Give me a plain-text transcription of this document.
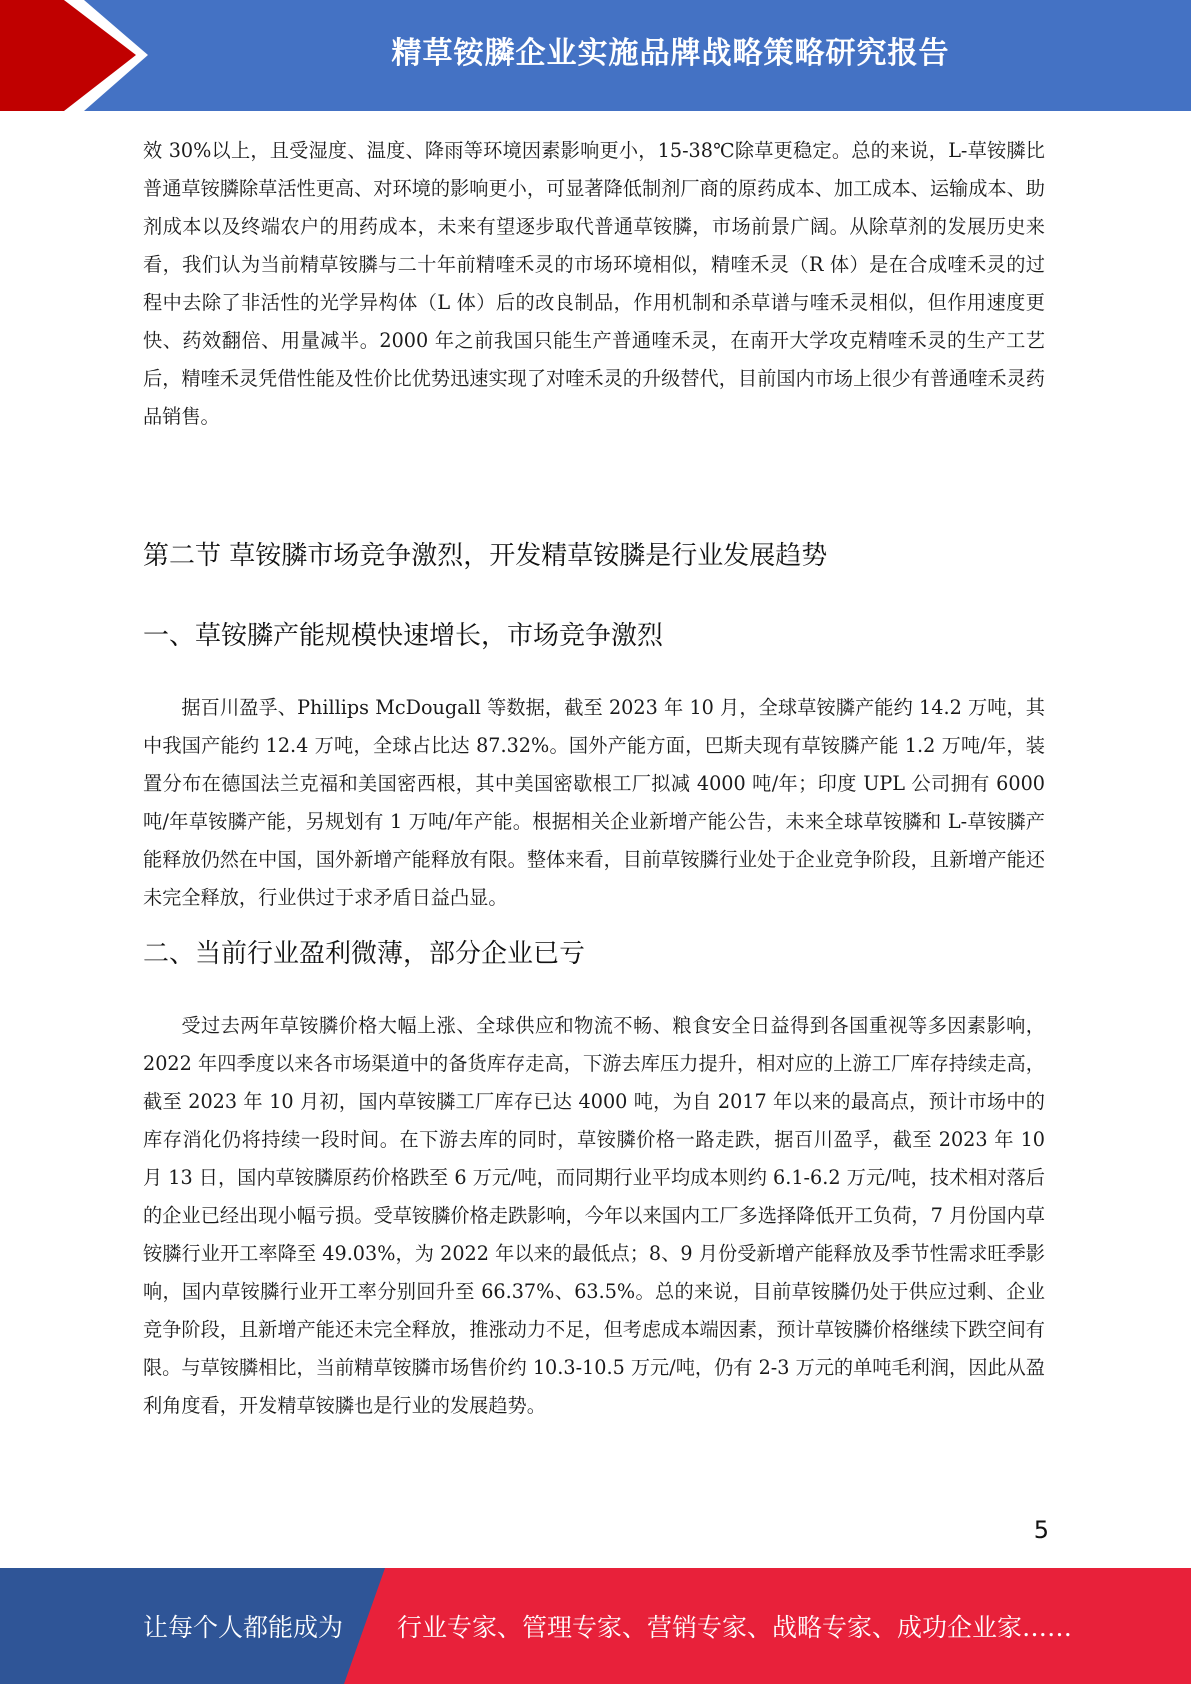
精草铵膦企业实施品牌战略策略研究报告

效 30%以上，且受湿度、温度、降雨等环境因素影响更小，15-38℃除草更稳定。总的来说，L-草铵膦比普通草铵膦除草活性更高、对环境的影响更小，可显著降低制剂厂商的原药成本、加工成本、运输成本、助剂成本以及终端农户的用药成本，未来有望逐步取代普通草铵膦，市场前景广阔。从除草剂的发展历史来看，我们认为当前精草铵膦与二十年前精喹禾灵的市场环境相似，精喹禾灵（R 体）是在合成喹禾灵的过程中去除了非活性的光学异构体（L 体）后的改良制品，作用机制和杀草谱与喹禾灵相似，但作用速度更快、药效翻倍、用量减半。2000 年之前我国只能生产普通喹禾灵，在南开大学攻克精喹禾灵的生产工艺后，精喹禾灵凭借性能及性价比优势迅速实现了对喹禾灵的升级替代，目前国内市场上很少有普通喹禾灵药品销售。

第二节 草铵膦市场竞争激烈，开发精草铵膦是行业发展趋势
一、草铵膦产能规模快速增长，市场竞争激烈

据百川盈孚、Phillips McDougall 等数据，截至 2023 年 10 月，全球草铵膦产能约 14.2 万吨，其中我国产能约 12.4 万吨，全球占比达 87.32%。国外产能方面，巴斯夫现有草铵膦产能 1.2 万吨/年，装置分布在德国法兰克福和美国密西根，其中美国密歇根工厂拟减 4000 吨/年；印度 UPL 公司拥有 6000 吨/年草铵膦产能，另规划有 1 万吨/年产能。根据相关企业新增产能公告，未来全球草铵膦和 L-草铵膦产能释放仍然在中国，国外新增产能释放有限。整体来看，目前草铵膦行业处于企业竞争阶段，且新增产能还未完全释放，行业供过于求矛盾日益凸显。

二、当前行业盈利微薄，部分企业已亏

受过去两年草铵膦价格大幅上涨、全球供应和物流不畅、粮食安全日益得到各国重视等多因素影响，2022 年四季度以来各市场渠道中的备货库存走高，下游去库压力提升，相对应的上游工厂库存持续走高，截至 2023 年 10 月初，国内草铵膦工厂库存已达 4000 吨，为自 2017 年以来的最高点，预计市场中的库存消化仍将持续一段时间。在下游去库的同时，草铵膦价格一路走跌，据百川盈孚，截至 2023 年 10 月 13 日，国内草铵膦原药价格跌至 6 万元/吨，而同期行业平均成本则约 6.1-6.2 万元/吨，技术相对落后的企业已经出现小幅亏损。受草铵膦价格走跌影响，今年以来国内工厂多选择降低开工负荷，7 月份国内草铵膦行业开工率降至 49.03%，为 2022 年以来的最低点；8、9 月份受新增产能释放及季节性需求旺季影响，国内草铵膦行业开工率分别回升至 66.37%、63.5%。总的来说，目前草铵膦仍处于供应过剩、企业竞争阶段，且新增产能还未完全释放，推涨动力不足，但考虑成本端因素，预计草铵膦价格继续下跌空间有限。与草铵膦相比，当前精草铵膦市场售价约 10.3-10.5 万元/吨，仍有 2-3 万元的单吨毛利润，因此从盈利角度看，开发精草铵膦也是行业的发展趋势。

5
让每个人都能成为 行业专家、管理专家、营销专家、战略专家、成功企业家……
